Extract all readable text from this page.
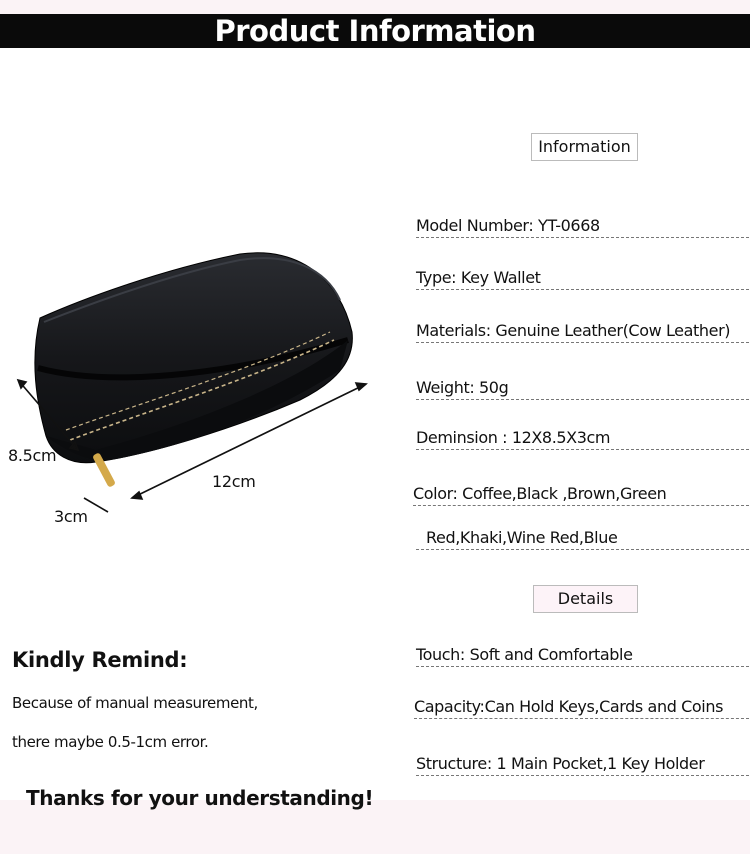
Product Information
8.5cm
12cm
3cm
Information
Model Number: YT-0668
Type: Key Wallet
Materials: Genuine Leather(Cow Leather)
Weight: 50g
Deminsion : 12X8.5X3cm
Color: Coffee,Black ,Brown,Green
Red,Khaki,Wine Red,Blue
Details
Touch: Soft and Comfortable
Capacity:Can Hold Keys,Cards and Coins
Structure: 1 Main Pocket,1 Key Holder
Kindly Remind:
Because of manual measurement,
there maybe 0.5-1cm error.
Thanks for your understanding!
